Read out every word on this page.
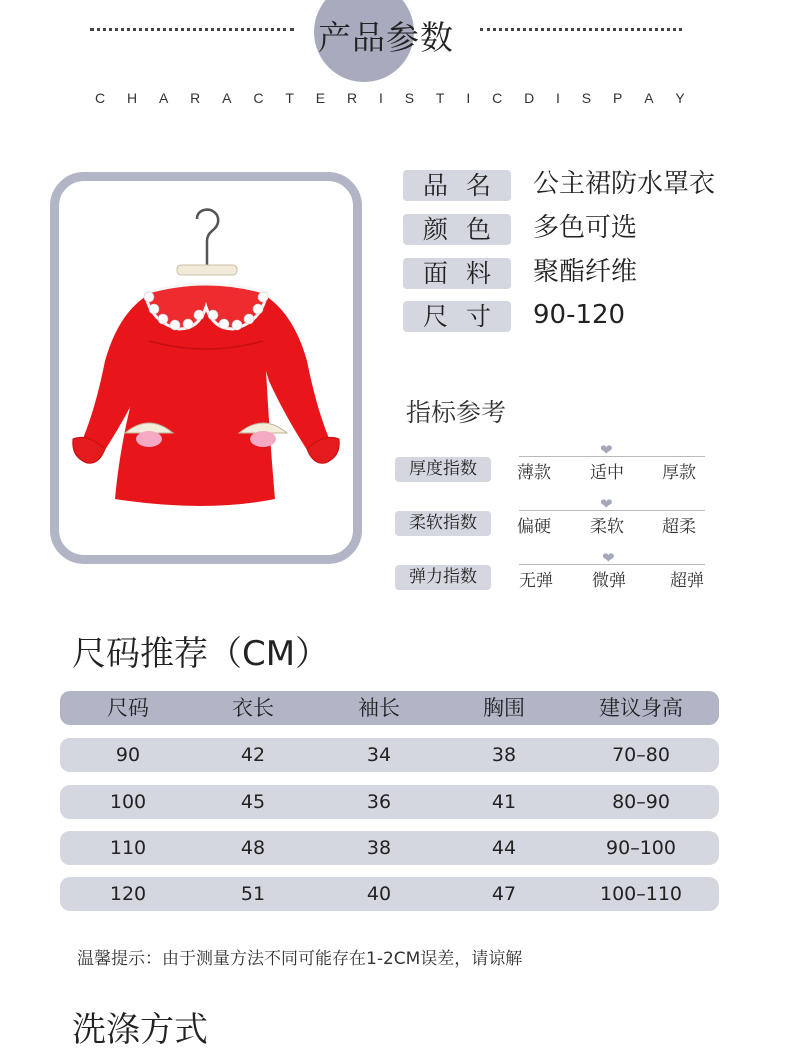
产品参数
C H A R A C T E R I S T I C D I S P A Y
品名 公主裙防水罩衣
颜色 多色可选
面料 聚酯纤维
尺寸 90-120
指标参考
厚度指数	薄款 适中 厚款
❤
柔软指数	偏硬 柔软 超柔
❤
弹力指数	无弹 微弹	超弹
❤
尺码推荐（CM）
尺码	衣长	袖长	胸围	建议身高
90	42	34	38	70–80
100	45	36	41	80–90
110	48	38	44	90–100
120	51	40	47	100–110
温馨提示：由于测量方法不同可能存在1-2CM误差，请谅解
洗涤方式
